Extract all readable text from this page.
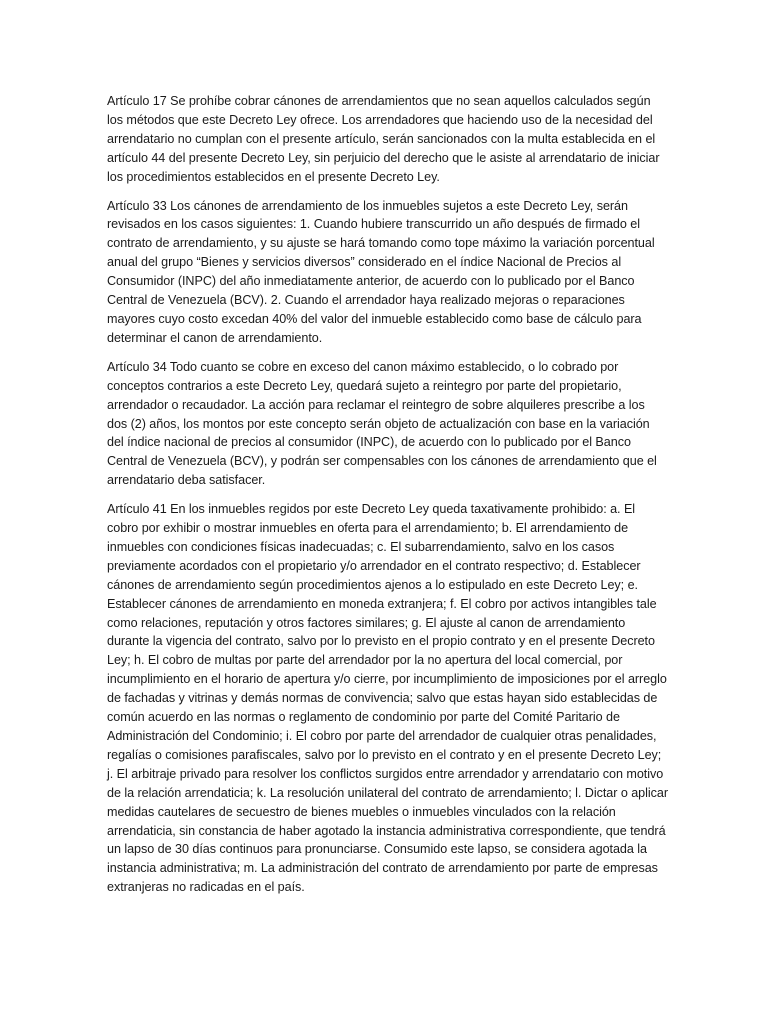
Artículo 17 Se prohíbe cobrar cánones de arrendamientos que no sean aquellos calculados según los métodos que este Decreto Ley ofrece. Los arrendadores que haciendo uso de la necesidad del arrendatario no cumplan con el presente artículo, serán sancionados con la multa establecida en el artículo 44 del presente Decreto Ley, sin perjuicio del derecho que le asiste al arrendatario de iniciar los procedimientos establecidos en el presente Decreto Ley.

Artículo 33 Los cánones de arrendamiento de los inmuebles sujetos a este Decreto Ley, serán revisados en los casos siguientes: 1. Cuando hubiere transcurrido un año después de firmado el contrato de arrendamiento, y su ajuste se hará tomando como tope máximo la variación porcentual anual del grupo “Bienes y servicios diversos” considerado en el índice Nacional de Precios al Consumidor (INPC) del año inmediatamente anterior, de acuerdo con lo publicado por el Banco Central de Venezuela (BCV). 2. Cuando el arrendador haya realizado mejoras o reparaciones mayores cuyo costo excedan 40% del valor del inmueble establecido como base de cálculo para determinar el canon de arrendamiento.

Artículo 34 Todo cuanto se cobre en exceso del canon máximo establecido, o lo cobrado por conceptos contrarios a este Decreto Ley, quedará sujeto a reintegro por parte del propietario, arrendador o recaudador. La acción para reclamar el reintegro de sobre alquileres prescribe a los dos (2) años, los montos por este concepto serán objeto de actualización con base en la variación del índice nacional de precios al consumidor (INPC), de acuerdo con lo publicado por el Banco Central de Venezuela (BCV), y podrán ser compensables con los cánones de arrendamiento que el arrendatario deba satisfacer.

Artículo 41 En los inmuebles regidos por este Decreto Ley queda taxativamente prohibido: a. El cobro por exhibir o mostrar inmuebles en oferta para el arrendamiento; b. El arrendamiento de inmuebles con condiciones físicas inadecuadas; c. El subarrendamiento, salvo en los casos previamente acordados con el propietario y/o arrendador en el contrato respectivo; d. Establecer cánones de arrendamiento según procedimientos ajenos a lo estipulado en este Decreto Ley; e. Establecer cánones de arrendamiento en moneda extranjera; f. El cobro por activos intangibles tale como relaciones, reputación y otros factores similares; g. El ajuste al canon de arrendamiento durante la vigencia del contrato, salvo por lo previsto en el propio contrato y en el presente Decreto Ley; h. El cobro de multas por parte del arrendador por la no apertura del local comercial, por incumplimiento en el horario de apertura y/o cierre, por incumplimiento de imposiciones por el arreglo de fachadas y vitrinas y demás normas de convivencia; salvo que estas hayan sido establecidas de común acuerdo en las normas o reglamento de condominio por parte del Comité Paritario de Administración del Condominio; i. El cobro por parte del arrendador de cualquier otras penalidades, regalías o comisiones parafiscales, salvo por lo previsto en el contrato y en el presente Decreto Ley; j. El arbitraje privado para resolver los conflictos surgidos entre arrendador y arrendatario con motivo de la relación arrendaticia; k. La resolución unilateral del contrato de arrendamiento; l. Dictar o aplicar medidas cautelares de secuestro de bienes muebles o inmuebles vinculados con la relación arrendaticia, sin constancia de haber agotado la instancia administrativa correspondiente, que tendrá un lapso de 30 días continuos para pronunciarse. Consumido este lapso, se considera agotada la instancia administrativa; m. La administración del contrato de arrendamiento por parte de empresas extranjeras no radicadas en el país.
